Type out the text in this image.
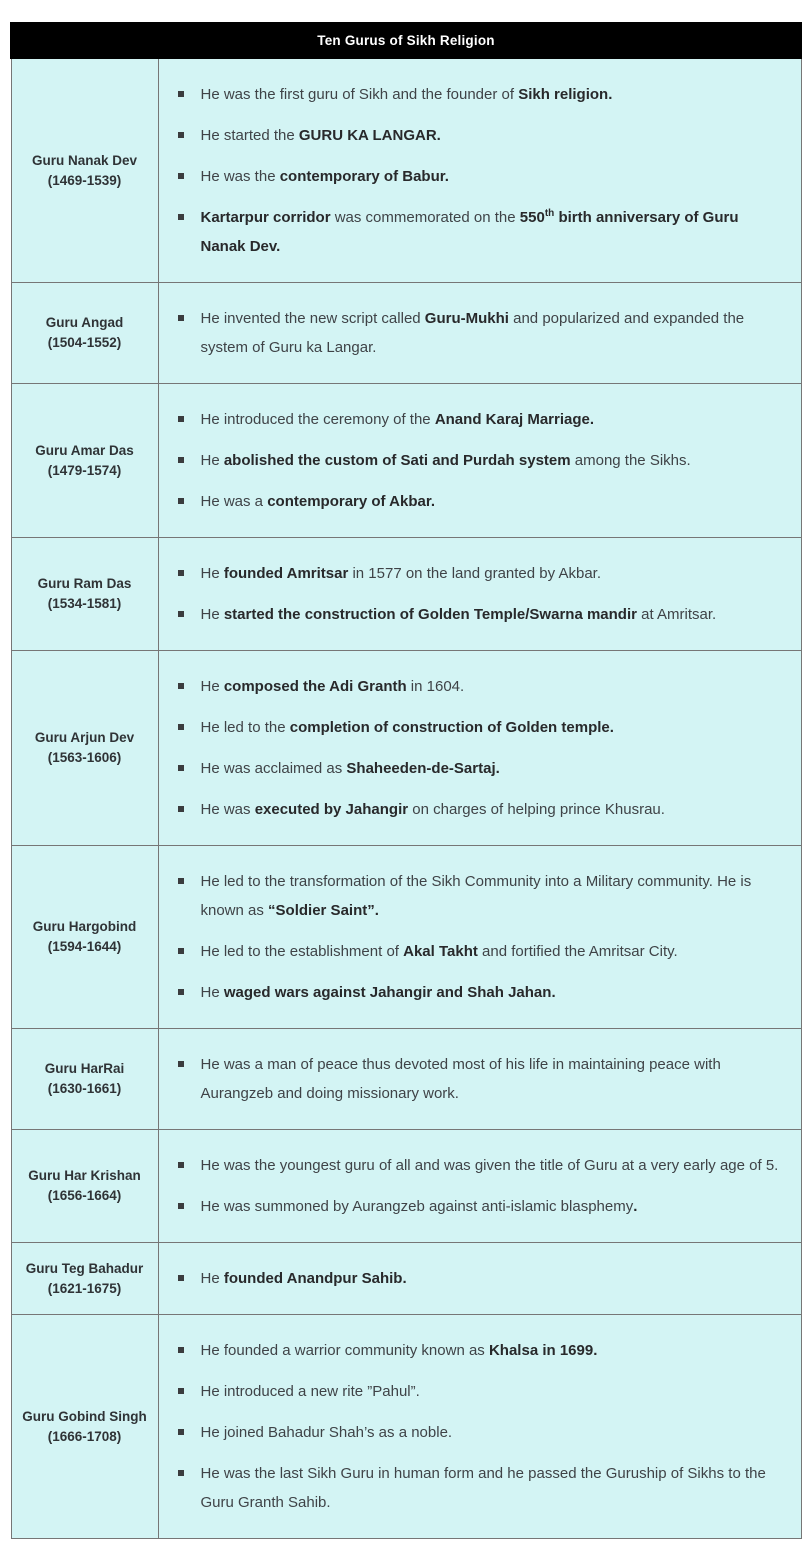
Ten Gurus of Sikh Religion	

Guru Nanak Dev
(1469-1539)

He was the first guru of Sikh and the founder of Sikh religion.
He started the GURU KA LANGAR.
He was the contemporary of Babur.
Kartarpur corridor was commemorated on the 550th birth anniversary of Guru Nanak Dev.

Guru Angad
(1504-1552)	He invented the new script called Guru-Mukhi and popularized and expanded the system of Guru ka Langar.

Guru Amar Das
(1479-1574)

He introduced the ceremony of the Anand Karaj Marriage.
He abolished the custom of Sati and Purdah system among the Sikhs.
He was a contemporary of Akbar.

Guru Ram Das
(1534-1581)

He founded Amritsar in 1577 on the land granted by Akbar.
He started the construction of Golden Temple/Swarna mandir at Amritsar.

Guru Arjun Dev
(1563-1606)

He composed the Adi Granth in 1604.
He led to the completion of construction of Golden temple.
He was acclaimed as Shaheeden-de-Sartaj.
He was executed by Jahangir on charges of helping prince Khusrau.

Guru Hargobind
(1594-1644)

He led to the transformation of the Sikh Community into a Military community. He is known as “Soldier Saint”.
He led to the establishment of Akal Takht and fortified the Amritsar City.
He waged wars against Jahangir and Shah Jahan.

Guru HarRai
(1630-1661)	He was a man of peace thus devoted most of his life in maintaining peace with Aurangzeb and doing missionary work.

Guru Har Krishan
(1656-1664)

He was the youngest guru of all and was given the title of Guru at a very early age of 5.
He was summoned by Aurangzeb against anti-islamic blasphemy.

Guru Teg Bahadur
(1621-1675)	He founded Anandpur Sahib.

Guru Gobind Singh
(1666-1708)

He founded a warrior community known as Khalsa in 1699.
He introduced a new rite ”Pahul”.
He joined Bahadur Shah’s as a noble.
He was the last Sikh Guru in human form and he passed the Guruship of Sikhs to the Guru Granth Sahib.
